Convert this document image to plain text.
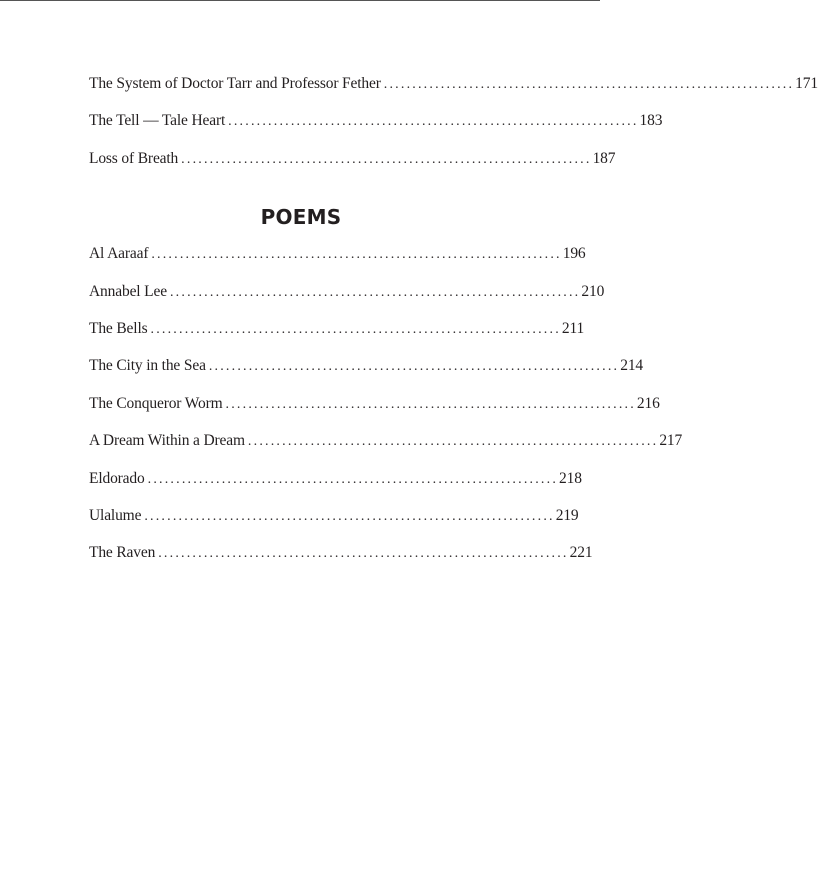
The System of Doctor Tarr and Professor Fether ........................................................................ 171
The Tell — Tale Heart ........................................................................ 183
Loss of Breath ........................................................................ 187
POEMS
Al Aaraaf ........................................................................ 196
Annabel Lee ........................................................................ 210
The Bells ........................................................................ 211
The City in the Sea ........................................................................ 214
The Conqueror Worm ........................................................................ 216
A Dream Within a Dream ........................................................................ 217
Eldorado ........................................................................ 218
Ulalume ........................................................................ 219
The Raven ........................................................................ 221
